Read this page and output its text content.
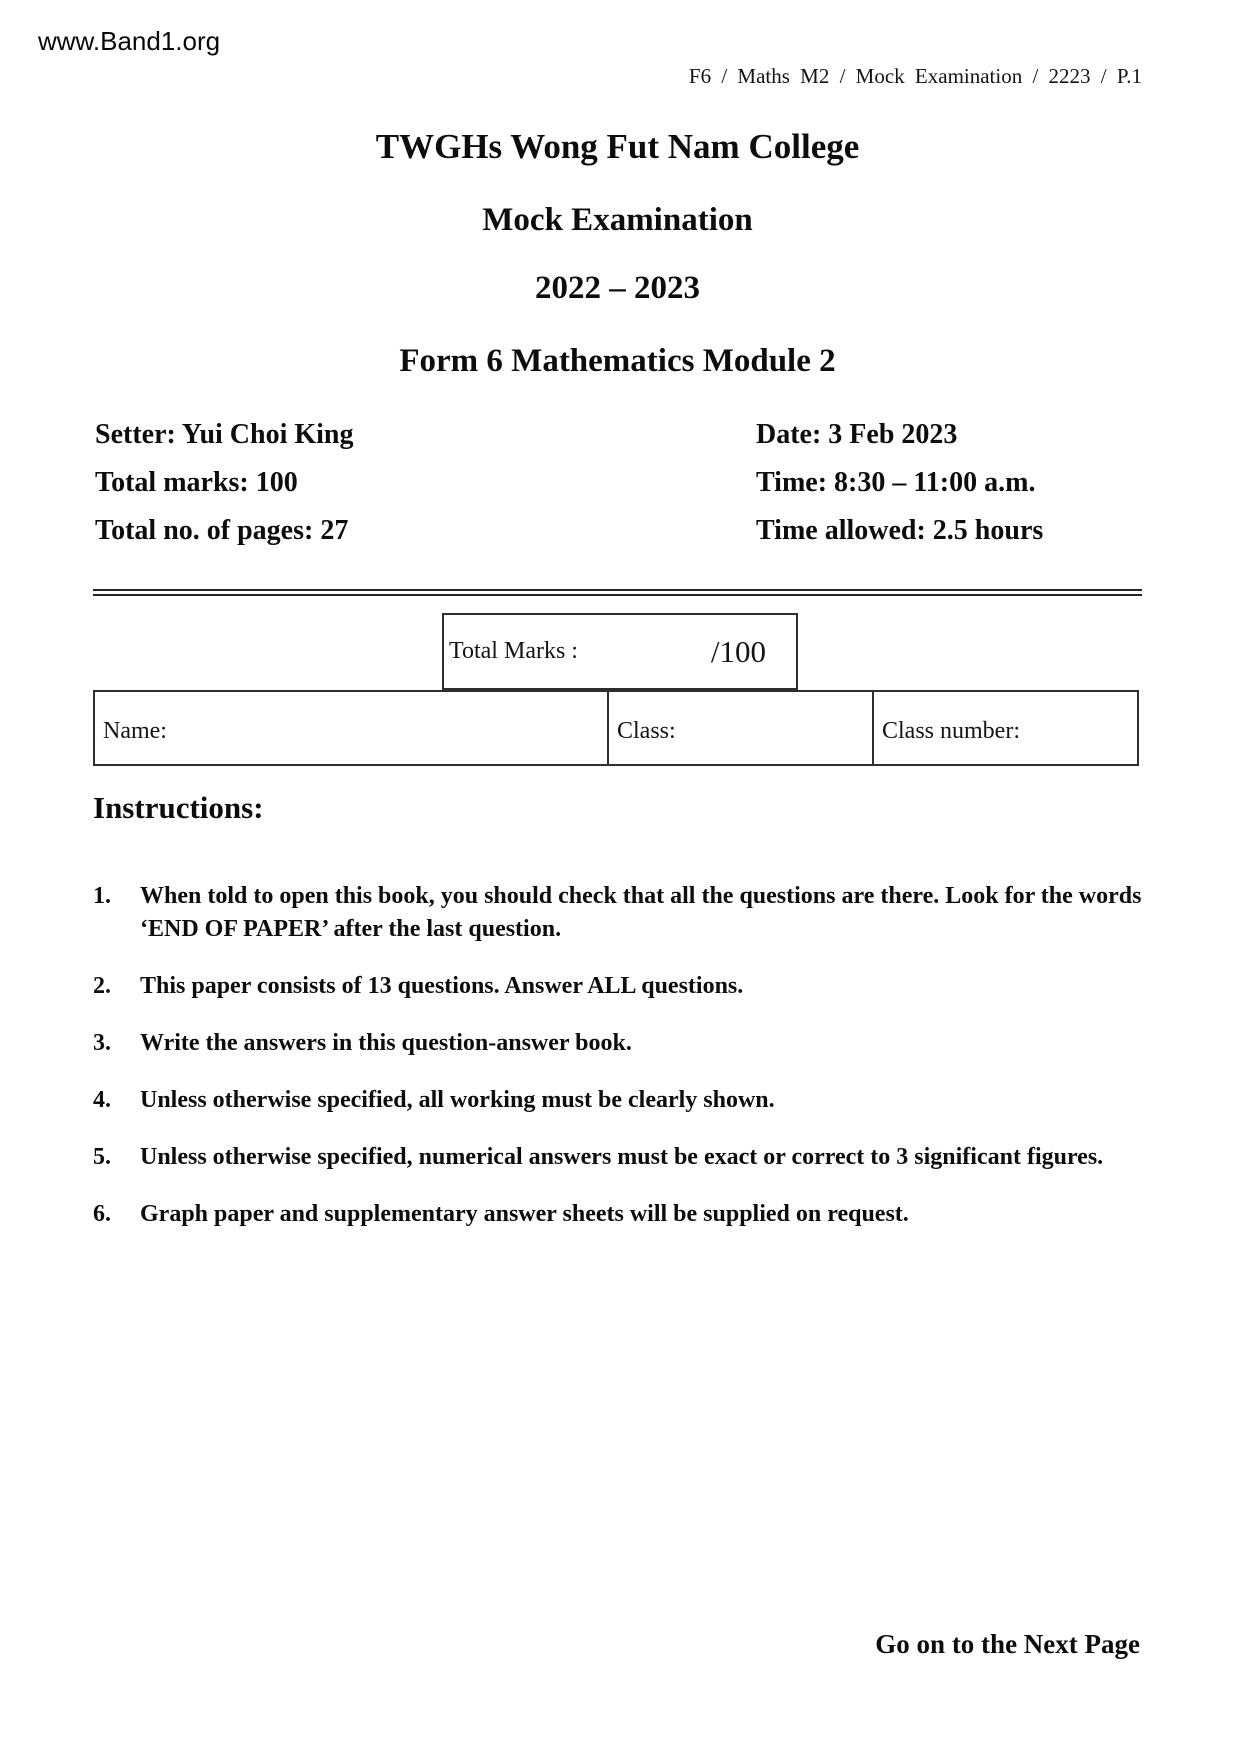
www.Band1.org
F6 / Maths M2 / Mock Examination / 2223 / P.1
TWGHs Wong Fut Nam College
Mock Examination
2022 – 2023
Form 6 Mathematics Module 2
Setter: Yui Choi King
Total marks: 100
Total no. of pages: 27
Date: 3 Feb 2023
Time: 8:30 – 11:00 a.m.
Time allowed: 2.5 hours
Total Marks :	/100
Name:	Class:	Class number:
Instructions:
1.	When told to open this book, you should check that all the questions are there. Look for the words ‘END OF PAPER’ after the last question.
2.	This paper consists of 13 questions. Answer ALL questions.
3.	Write the answers in this question-answer book.
4.	Unless otherwise specified, all working must be clearly shown.
5.	Unless otherwise specified, numerical answers must be exact or correct to 3 significant figures.
6.	Graph paper and supplementary answer sheets will be supplied on request.
Go on to the Next Page
